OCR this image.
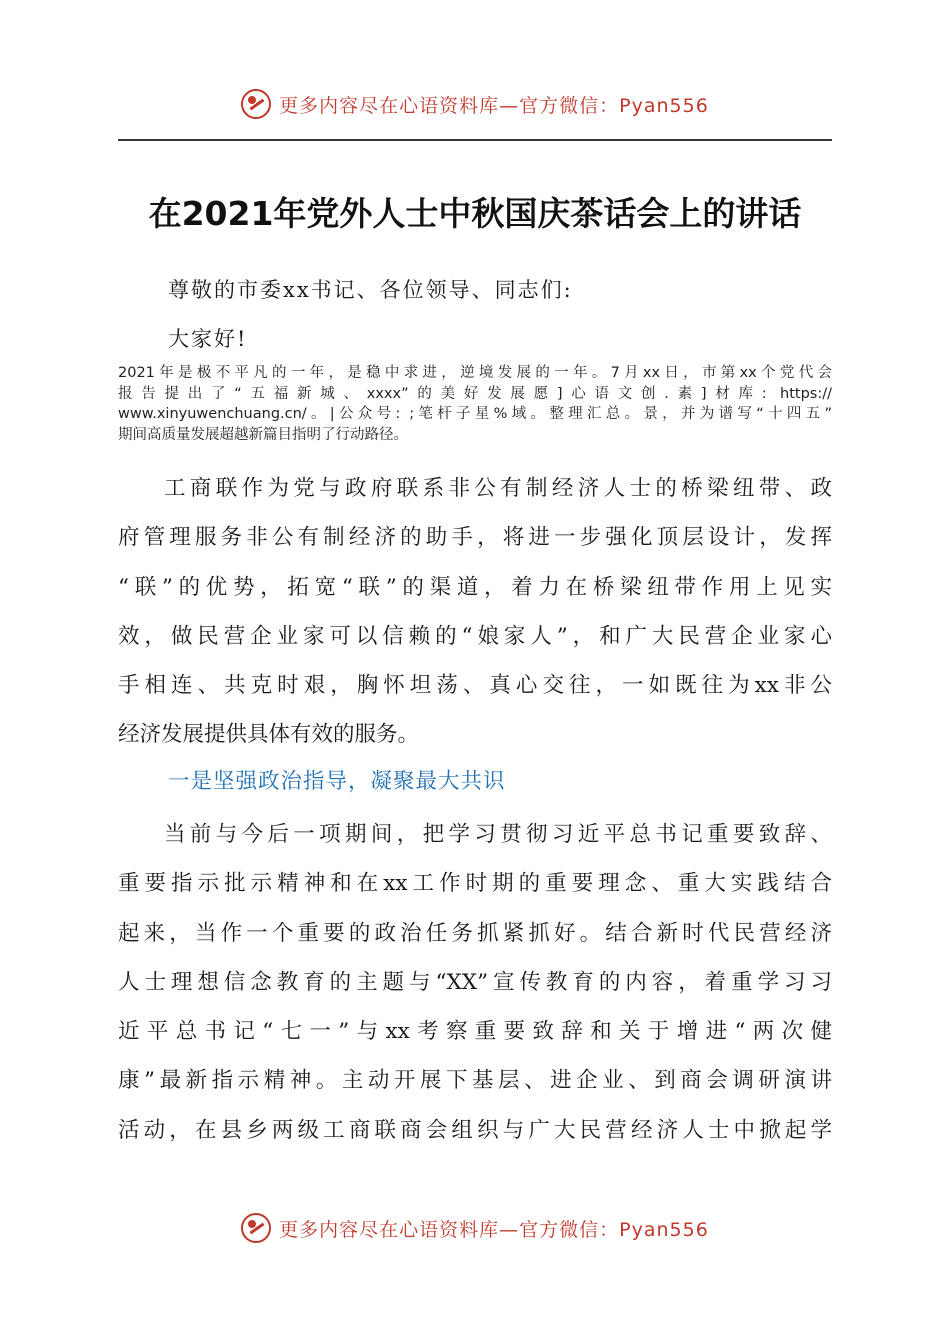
更多内容尽在心语资料库—官方微信：Pyan556
在2021年党外人士中秋国庆茶话会上的讲话
尊敬的市委xx书记、各位领导、同志们:
大家好!
2021年是极不平凡的一年，是稳中求进，逆境发展的一年。7月xx日，市第xx个党代会
报告提出了“五福新城、xxxx”的美好发展愿]心语文创.素]材库: https://
www.xinyuwenchuang.cn/。|公众号: ;笔杆子星%域。整理汇总。景，并为谱写“十四五”
期间高质量发展超越新篇目指明了行动路径。
工商联作为党与政府联系非公有制经济人士的桥梁纽带、政
府管理服务非公有制经济的助手，将进一步强化顶层设计，发挥
“联”的优势，拓宽“联”的渠道，着力在桥梁纽带作用上见实
效，做民营企业家可以信赖的“娘家人”，和广大民营企业家心
手相连、共克时艰，胸怀坦荡、真心交往，一如既往为xx非公
经济发展提供具体有效的服务。
一是坚强政治指导，凝聚最大共识
当前与今后一项期间，把学习贯彻习近平总书记重要致辞、
重要指示批示精神和在xx工作时期的重要理念、重大实践结合
起来，当作一个重要的政治任务抓紧抓好。结合新时代民营经济
人士理想信念教育的主题与“XX”宣传教育的内容，着重学习习
近平总书记“七一”与xx考察重要致辞和关于增进“两次健
康”最新指示精神。主动开展下基层、进企业、到商会调研演讲
活动，在县乡两级工商联商会组织与广大民营经济人士中掀起学
更多内容尽在心语资料库—官方微信：Pyan556
